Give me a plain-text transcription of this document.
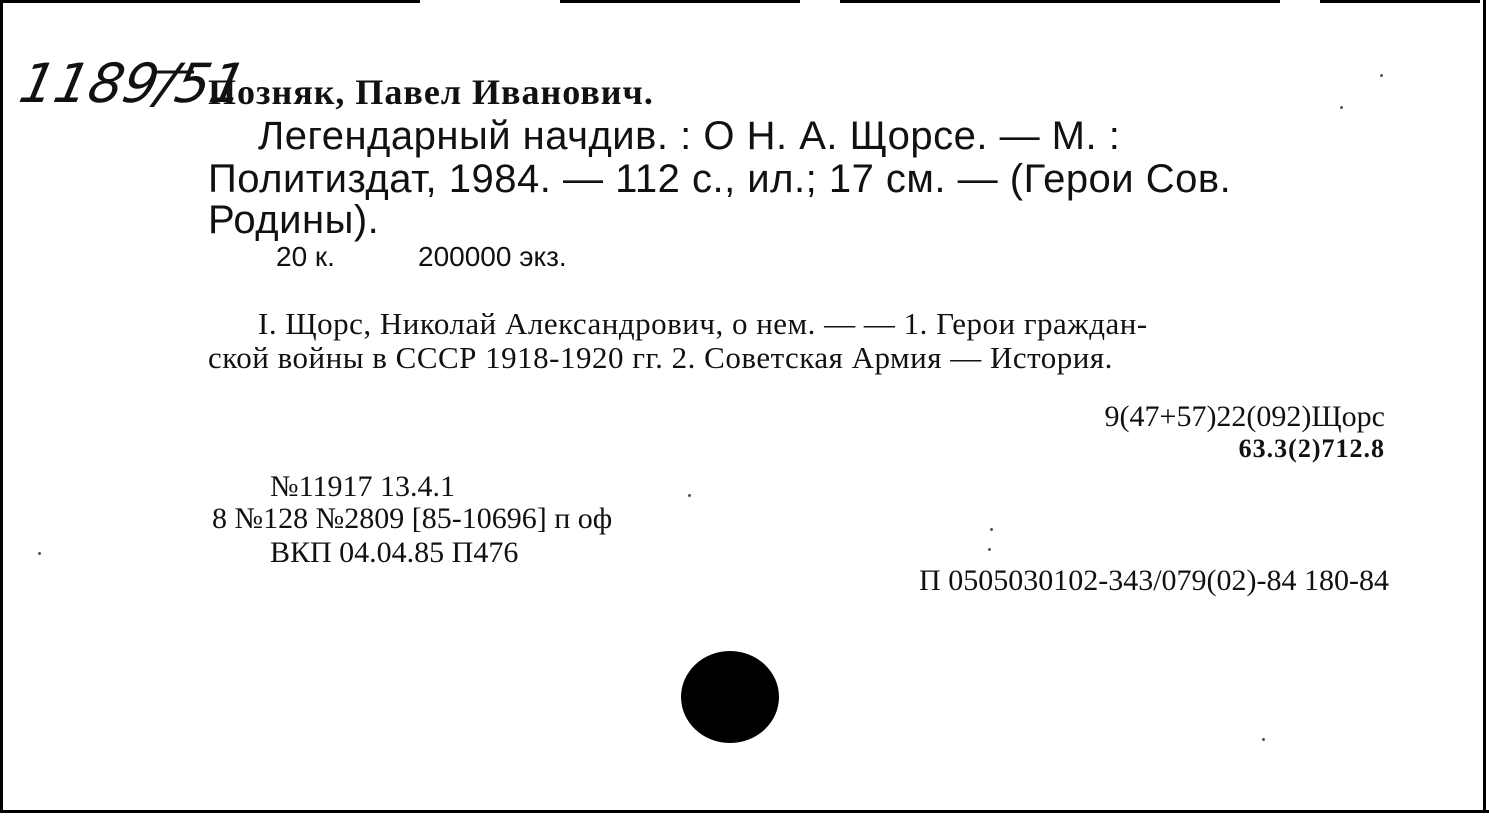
1189/51
Позняк, Павел Иванович.
Легендарный начдив. : О Н. А. Щорсе. — М. :
Политиздат, 1984. — 112 с., ил.; 17 см. — (Герои Сов.
Родины).
20 к.	200000 экз.
I. Щорс, Николай Александрович, о нем. — — 1. Герои граждан-
ской войны в СССР 1918-1920 гг. 2. Советская Армия — История.
9(47+57)22(092)Щорс
63.3(2)712.8
№11917 13.4.1
8 №128 №2809 [85-10696] п оф
ВКП 04.04.85 П476
П 0505030102-343/079(02)-84 180-84
